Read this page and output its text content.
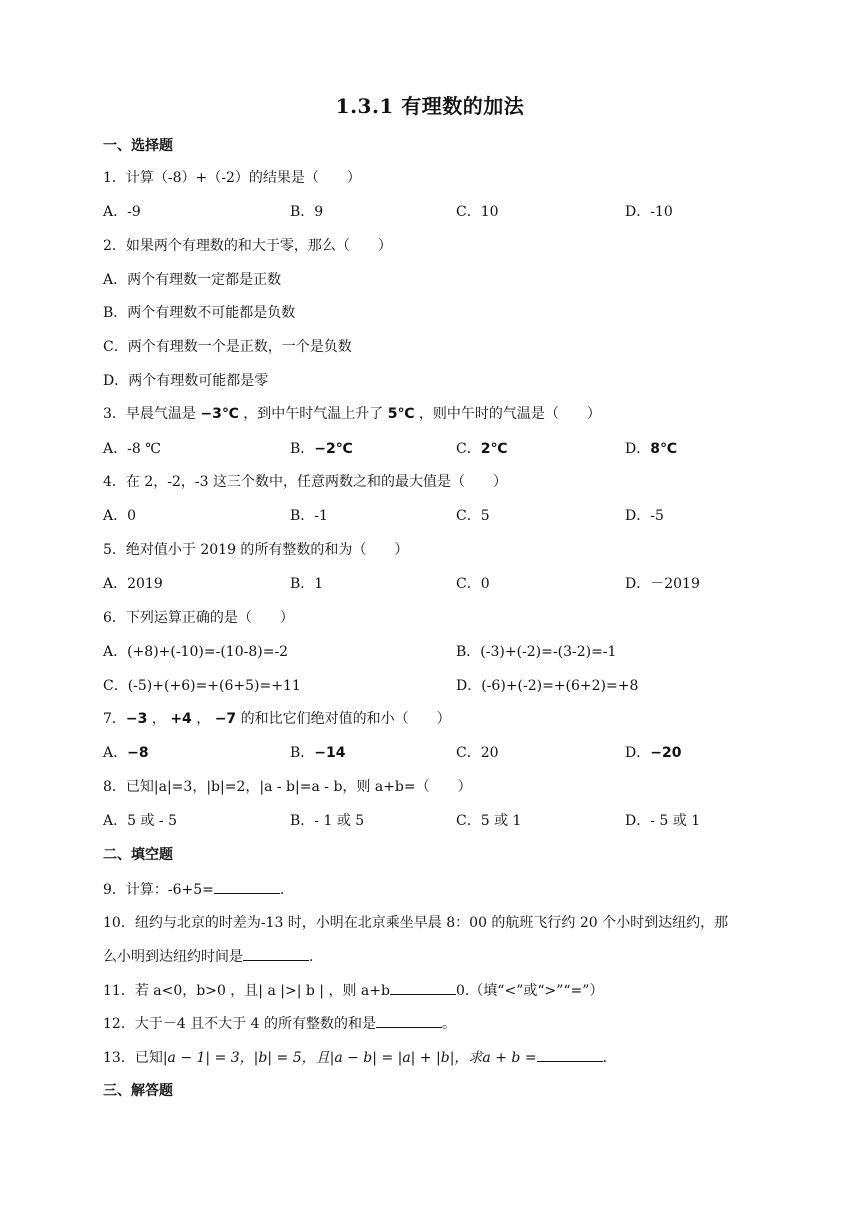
1.3.1 有理数的加法
一、选择题
1．计算（-8）+（-2）的结果是（　　）
A．-9	B．9	C．10	D．-10
2．如果两个有理数的和大于零，那么（　　）
A．两个有理数一定都是正数
B．两个有理数不可能都是负数
C．两个有理数一个是正数，一个是负数
D．两个有理数可能都是零
3．早晨气温是 −3℃ ，到中午时气温上升了 5℃ ，则中午时的气温是（　　）
A．-8 ℃	B．−2℃	C．2℃	D．8℃
4．在 2，-2，-3 这三个数中，任意两数之和的最大值是（　　）
A．0	B．-1	C．5	D．-5
5．绝对值小于 2019 的所有整数的和为（　　）
A．2019	B．1	C．0	D．－2019
6．下列运算正确的是（　　）
A．(+8)+(-10)=-(10-8)=-2	B．(-3)+(-2)=-(3-2)=-1
C．(-5)+(+6)=+(6+5)=+11	D．(-6)+(-2)=+(6+2)=+8
7．−3 ， +4 ， −7 的和比它们绝对值的和小（　　）
A．−8	B．−14	C．20	D．−20
8．已知|a|=3，|b|=2，|a - b|=a - b，则 a+b=（　　）
A．5 或 - 5	B．- 1 或 5	C．5 或 1	D．- 5 或 1
二、填空题
9．计算：-6+5=	.
10．纽约与北京的时差为-13 时，小明在北京乘坐早晨 8：00 的航班飞行约 20 个小时到达纽约，那
么小明到达纽约时间是	.
11．若 a<0，b>0 ，且| a |>| b | ，则 a+b	0.（填“<”或“>”“=”）
12．大于－4 且不大于 4 的所有整数的和是	。
13．已知|a − 1| = 3，|b| = 5，且|a − b| = |a| + |b|，求a + b =	.
三、解答题
